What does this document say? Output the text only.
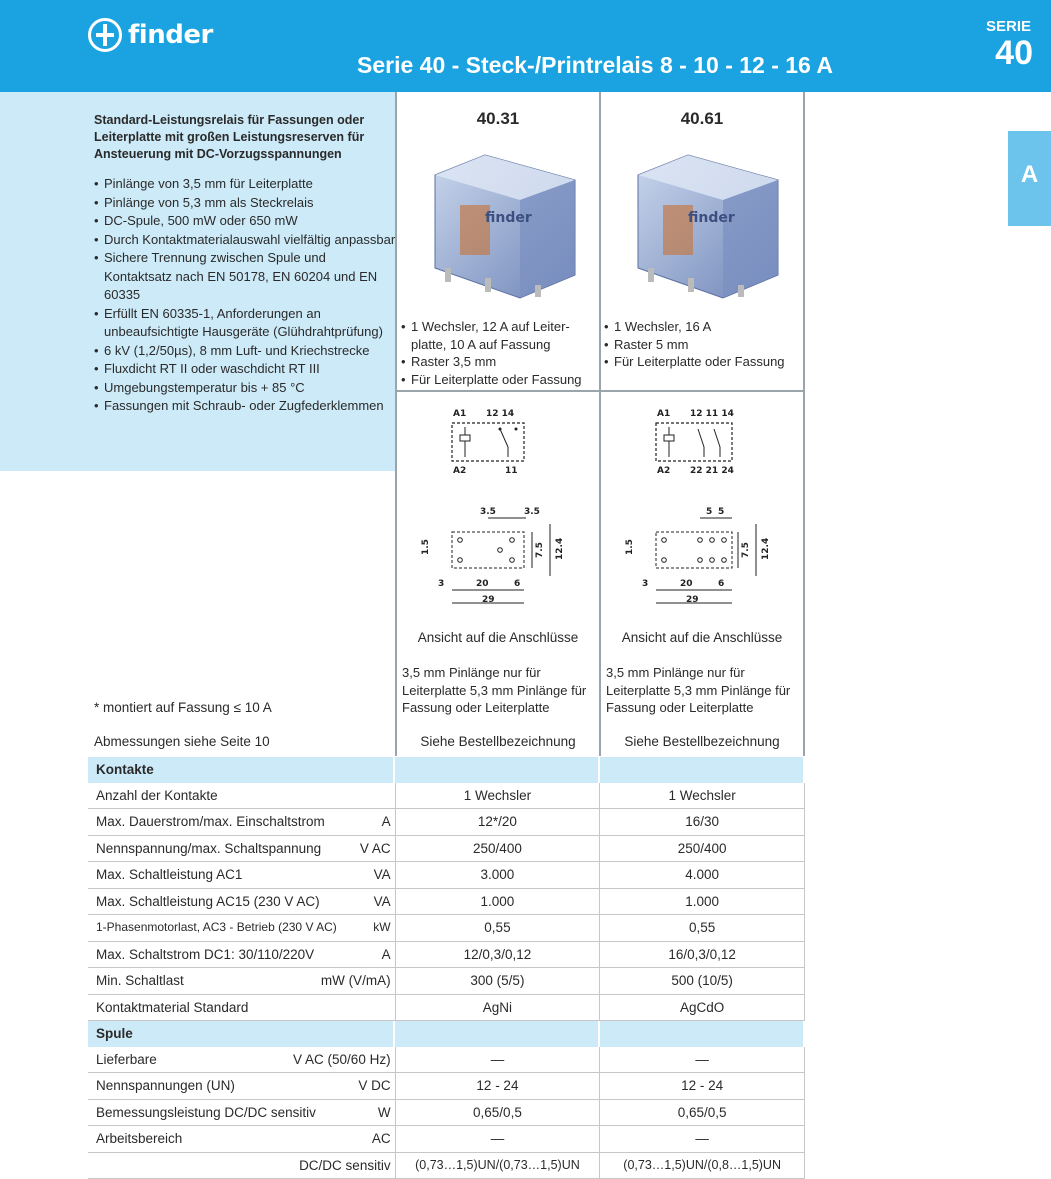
finder
Serie 40 - Steck-/Printrelais 8 - 10 - 12 - 16 A
SERIE
40
A
Standard-Leistungsrelais für Fassungen oder Leiterplatte mit großen Leistungsreserven für Ansteuerung mit DC-Vorzugsspannungen
• Pinlänge von 3,5 mm für Leiterplatte
• Pinlänge von 5,3 mm als Steckrelais
• DC-Spule, 500 mW oder 650 mW
• Durch Kontaktmaterialauswahl vielfältig anpassbar
• Sichere Trennung zwischen Spule und Kontaktsatz nach EN 50178, EN 60204 und EN 60335
• Erfüllt EN 60335-1, Anforderungen an unbeaufsichtigte Hausgeräte (Glühdrahtprüfung)
• 6 kV (1,2/50µs), 8 mm Luft- und Kriechstrecke
• Fluxdicht RT II oder waschdicht RT III
• Umgebungstemperatur bis + 85 °C
• Fassungen mit Schraub- oder Zugfederklemmen
40.31
finder
• 1 Wechsler, 12 A auf Leiter-platte, 10 A auf Fassung
• Raster 3,5 mm
• Für Leiterplatte oder Fassung
A1 12 14
A2	11
3.5	3.5
1.5	7.5 12.4
3	20	6
29
Ansicht auf die Anschlüsse
3,5 mm Pinlänge nur für Leiterplatte 5,3 mm Pinlänge für Fassung oder Leiterplatte
Siehe Bestellbezeichnung
40.61
finder
• 1 Wechsler, 16 A
• Raster 5 mm
• Für Leiterplatte oder Fassung
A1 12 11 14
A2 22 21 24
5 5
1.5	7.5 12.4
3	20	6
29
Ansicht auf die Anschlüsse
3,5 mm Pinlänge nur für Leiterplatte 5,3 mm Pinlänge für Fassung oder Leiterplatte
Siehe Bestellbezeichnung
* montiert auf Fassung ≤ 10 A
Abmessungen siehe Seite 10
Kontakte
Anzahl der Kontakte	1 Wechsler	1 Wechsler
Max. Dauerstrom/max. Einschaltstrom	A	12*/20	16/30
Nennspannung/max. Schaltspannung	V AC	250/400	250/400
Max. Schaltleistung AC1	VA	3.000	4.000
Max. Schaltleistung AC15 (230 V AC)	VA	1.000	1.000
1-Phasenmotorlast, AC3 - Betrieb (230 V AC)	kW	0,55	0,55
Max. Schaltstrom DC1: 30/110/220V	A	12/0,3/0,12	16/0,3/0,12
Min. Schaltlast	mW (V/mA)	300 (5/5)	500 (10/5)
Kontaktmaterial Standard	AgNi	AgCdO
Spule
Lieferbare	V AC (50/60 Hz)	—	—
Nennspannungen (UN)	V DC	12 - 24	12 - 24
Bemessungsleistung DC/DC sensitiv	W	0,65/0,5	0,65/0,5
Arbeitsbereich	AC	—	—
DC/DC sensitiv	(0,73…1,5)UN/(0,73…1,5)UN	(0,73…1,5)UN/(0,8…1,5)UN
